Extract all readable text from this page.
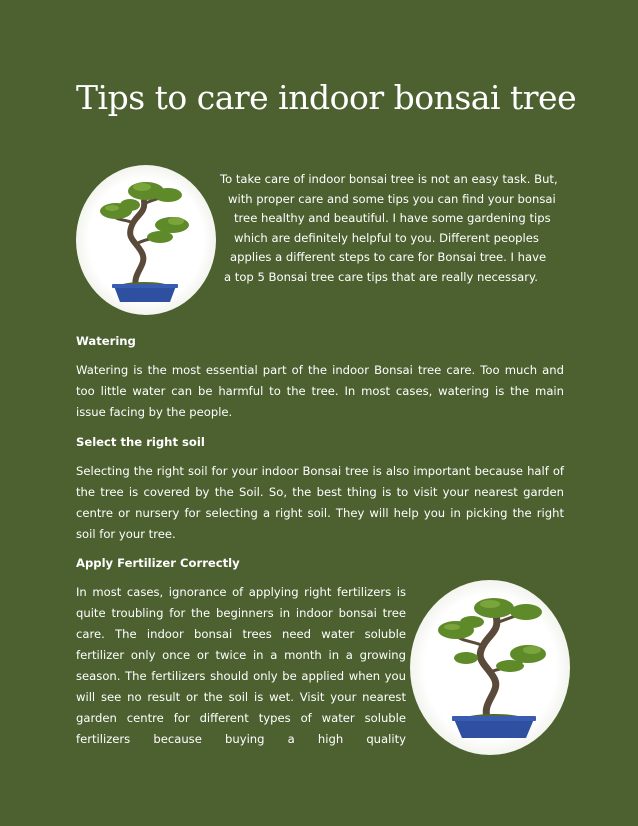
Tips to care indoor bonsai tree
To take care of indoor bonsai tree is not an easy task. But,
with proper care and some tips you can find your bonsai
tree healthy and beautiful. I have some gardening tips
which are definitely helpful to you. Different peoples
applies a different steps to care for Bonsai tree. I have
a top 5 Bonsai tree care tips that are really necessary.
Watering
Watering is the most essential part of the indoor Bonsai tree care. Too much and too little water can be harmful to the tree. In most cases, watering is the main issue facing by the people.
Select the right soil
Selecting the right soil for your indoor Bonsai tree is also important because half of the tree is covered by the Soil. So, the best thing is to visit your nearest garden centre or nursery for selecting a right soil. They will help you in picking the right soil for your tree.
Apply Fertilizer Correctly
In most cases, ignorance of applying right fertilizers is quite troubling for the beginners in indoor bonsai tree care. The indoor bonsai trees need water soluble fertilizer only once or twice in a month in a growing season. The fertilizers should only be applied when you will see no result or the soil is wet. Visit your nearest garden centre for different types of water soluble fertilizers because buying a high quality
